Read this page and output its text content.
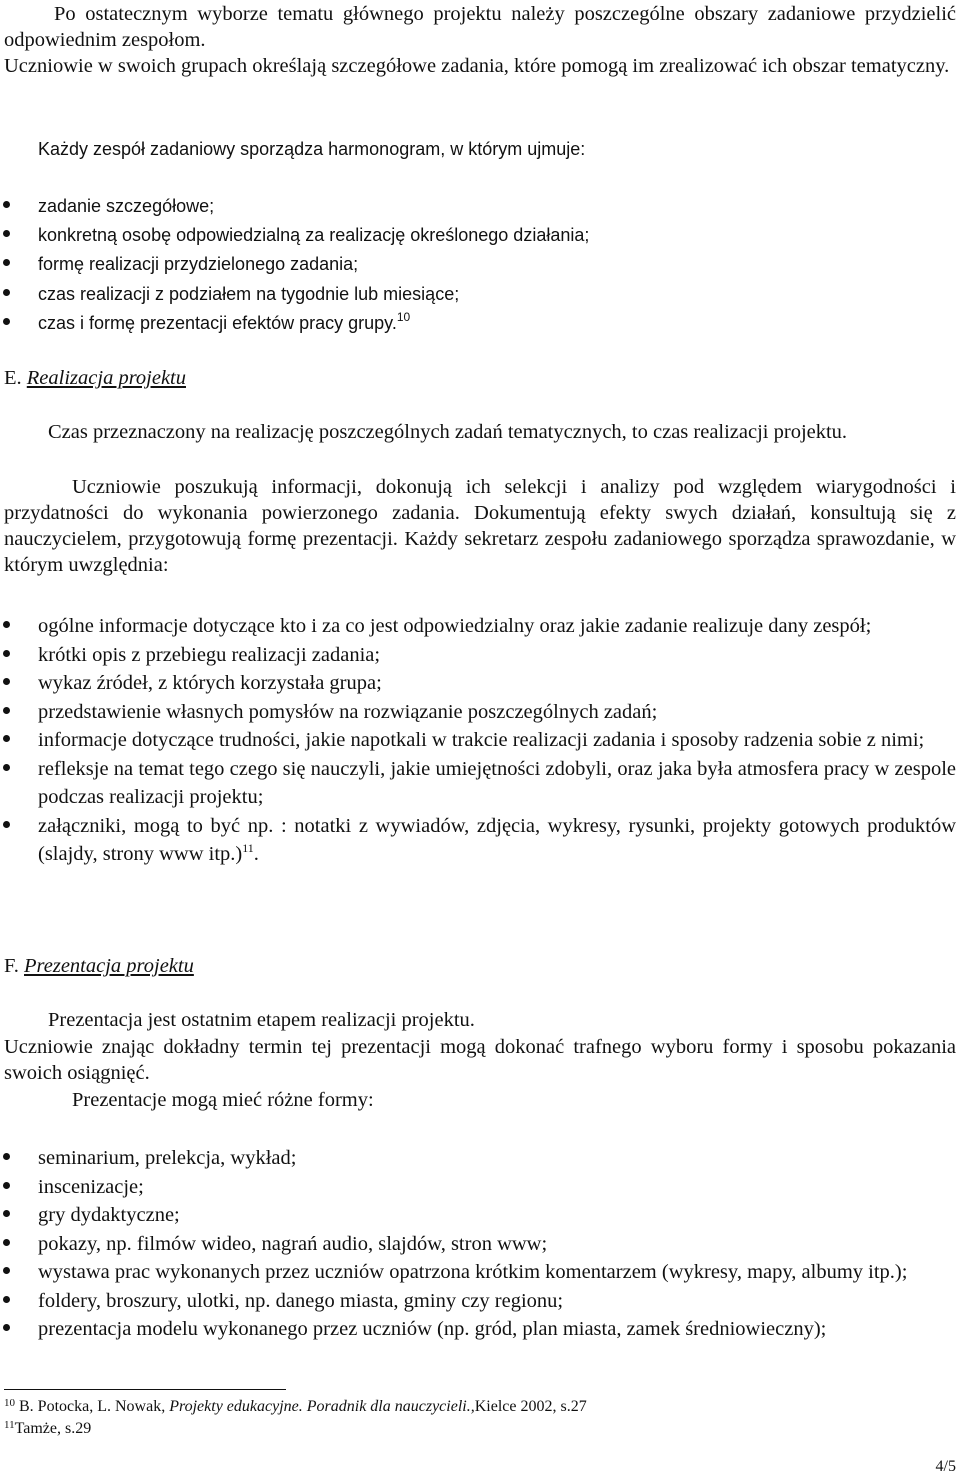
Po ostatecznym wyborze tematu głównego projektu należy poszczególne obszary zadaniowe przydzielić odpowiednim zespołom.

Uczniowie w swoich grupach określają szczegółowe zadania, które pomogą im zrealizować ich obszar tematyczny.

Każdy zespół zadaniowy sporządza harmonogram, w którym ujmuje:

zadanie szczegółowe;
konkretną osobę odpowiedzialną za realizację określonego działania;
formę realizacji przydzielonego zadania;
czas realizacji z podziałem na tygodnie lub miesiące;
czas i formę prezentacji efektów pracy grupy.$^{10}$

E. Realizacja projektu

Czas przeznaczony na realizację poszczególnych zadań tematycznych, to czas realizacji projektu.

Uczniowie poszukują informacji, dokonują ich selekcji i analizy pod względem wiarygodności i przydatności do wykonania powierzonego zadania. Dokumentują efekty swych działań, konsultują się z nauczycielem, przygotowują formę prezentacji. Każdy sekretarz zespołu zadaniowego sporządza sprawozdanie, w którym uwzględnia:

ogólne informacje dotyczące kto i za co jest odpowiedzialny oraz jakie zadanie realizuje dany zespół;
krótki opis z przebiegu realizacji zadania;
wykaz źródeł, z których korzystała grupa;
przedstawienie własnych pomysłów na rozwiązanie poszczególnych zadań;
informacje dotyczące trudności, jakie napotkali w trakcie realizacji zadania i sposoby radzenia sobie z nimi;
refleksje na temat tego czego się nauczyli, jakie umiejętności zdobyli, oraz jaka była atmosfera pracy w zespole podczas realizacji projektu;
załączniki, mogą to być np. : notatki z wywiadów, zdjęcia, wykresy, rysunki, projekty gotowych produktów (slajdy, strony www itp.)$^{11}$.

F. Prezentacja projektu

Prezentacja jest ostatnim etapem realizacji projektu.

Uczniowie znając dokładny termin tej prezentacji mogą dokonać trafnego wyboru formy i sposobu pokazania swoich osiągnięć.

Prezentacje mogą mieć różne formy:

seminarium, prelekcja, wykład;
inscenizacje;
gry dydaktyczne;
pokazy, np. filmów wideo, nagrań audio, slajdów, stron www;
wystawa prac wykonanych przez uczniów opatrzona krótkim komentarzem (wykresy, mapy, albumy itp.);
foldery, broszury, ulotki, np. danego miasta, gminy czy regionu;
prezentacja modelu wykonanego przez uczniów (np. gród, plan miasta, zamek średniowieczny);
$^{10}$ B. Potocka, L. Nowak, Projekty edukacyjne. Poradnik dla nauczycieli.,Kielce 2002, s.27
$^{11}$Tamże, s.29
4/5
